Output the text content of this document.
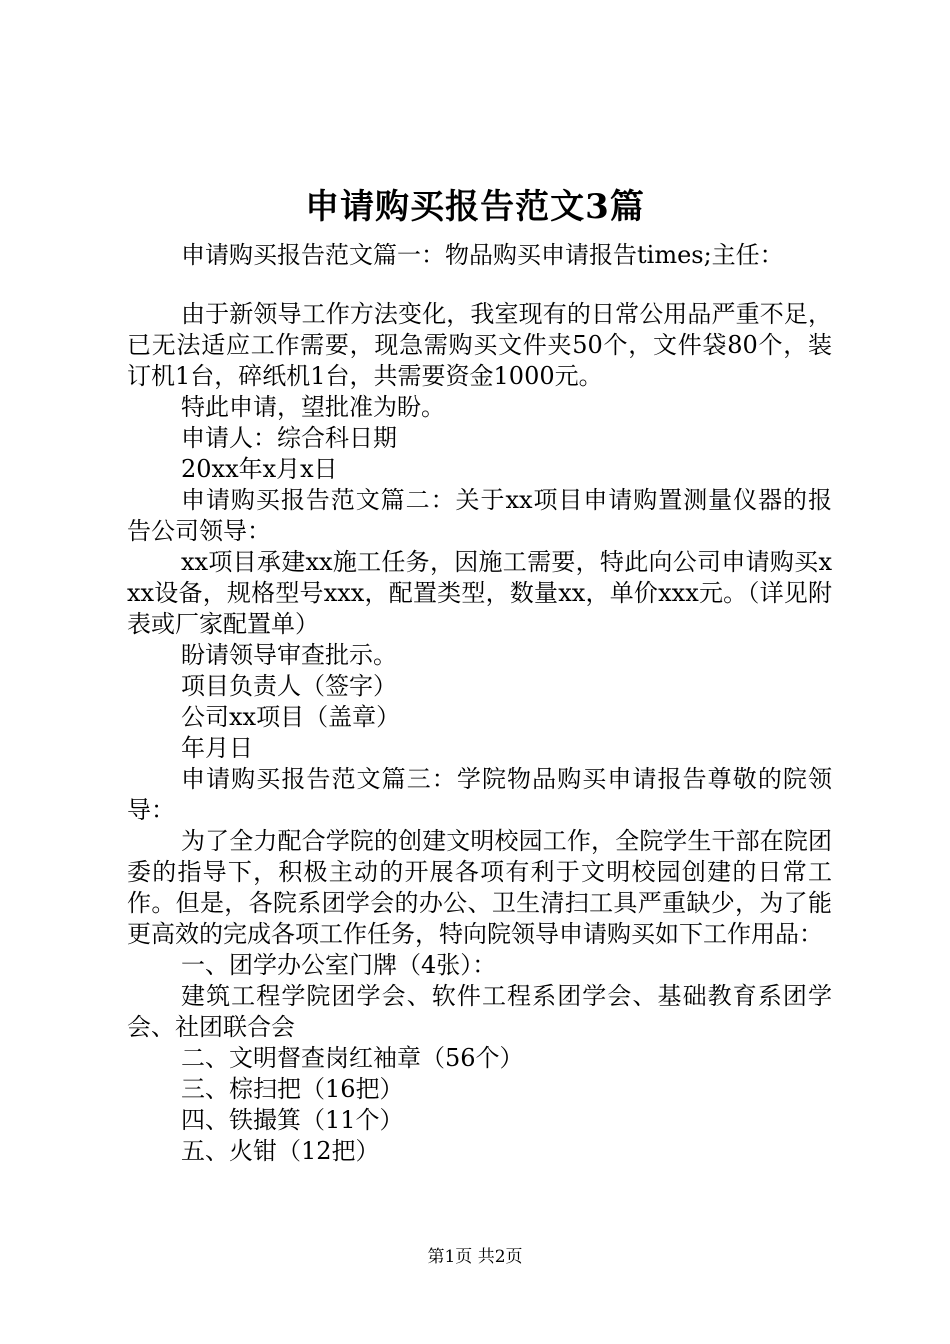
申请购买报告范文3篇

申请购买报告范文篇一：物品购买申请报告times;主任：

由于新领导工作方法变化，我室现有的日常公用品严重不足，已无法适应工作需要，现急需购买文件夹50个，文件袋80个，装订机1台，碎纸机1台，共需要资金1000元。

特此申请，望批准为盼。

申请人：综合科日期

20xx年x月x日

申请购买报告范文篇二：关于xx项目申请购置测量仪器的报告公司领导：

xx项目承建xx施工任务，因施工需要，特此向公司申请购买xxx设备，规格型号xxx，配置类型，数量xx，单价xxx元。（详见附表或厂家配置单）

盼请领导审查批示。

项目负责人（签字）

公司xx项目（盖章）

年月日

申请购买报告范文篇三：学院物品购买申请报告尊敬的院领导：

为了全力配合学院的创建文明校园工作，全院学生干部在院团委的指导下，积极主动的开展各项有利于文明校园创建的日常工作。但是，各院系团学会的办公、卫生清扫工具严重缺少，为了能更高效的完成各项工作任务，特向院领导申请购买如下工作用品：

一、团学办公室门牌（4张）：

建筑工程学院团学会、软件工程系团学会、基础教育系团学会、社团联合会

二、文明督查岗红袖章（56个）

三、棕扫把（16把）

四、铁撮箕（11个）

五、火钳（12把）

第1页 共2页
